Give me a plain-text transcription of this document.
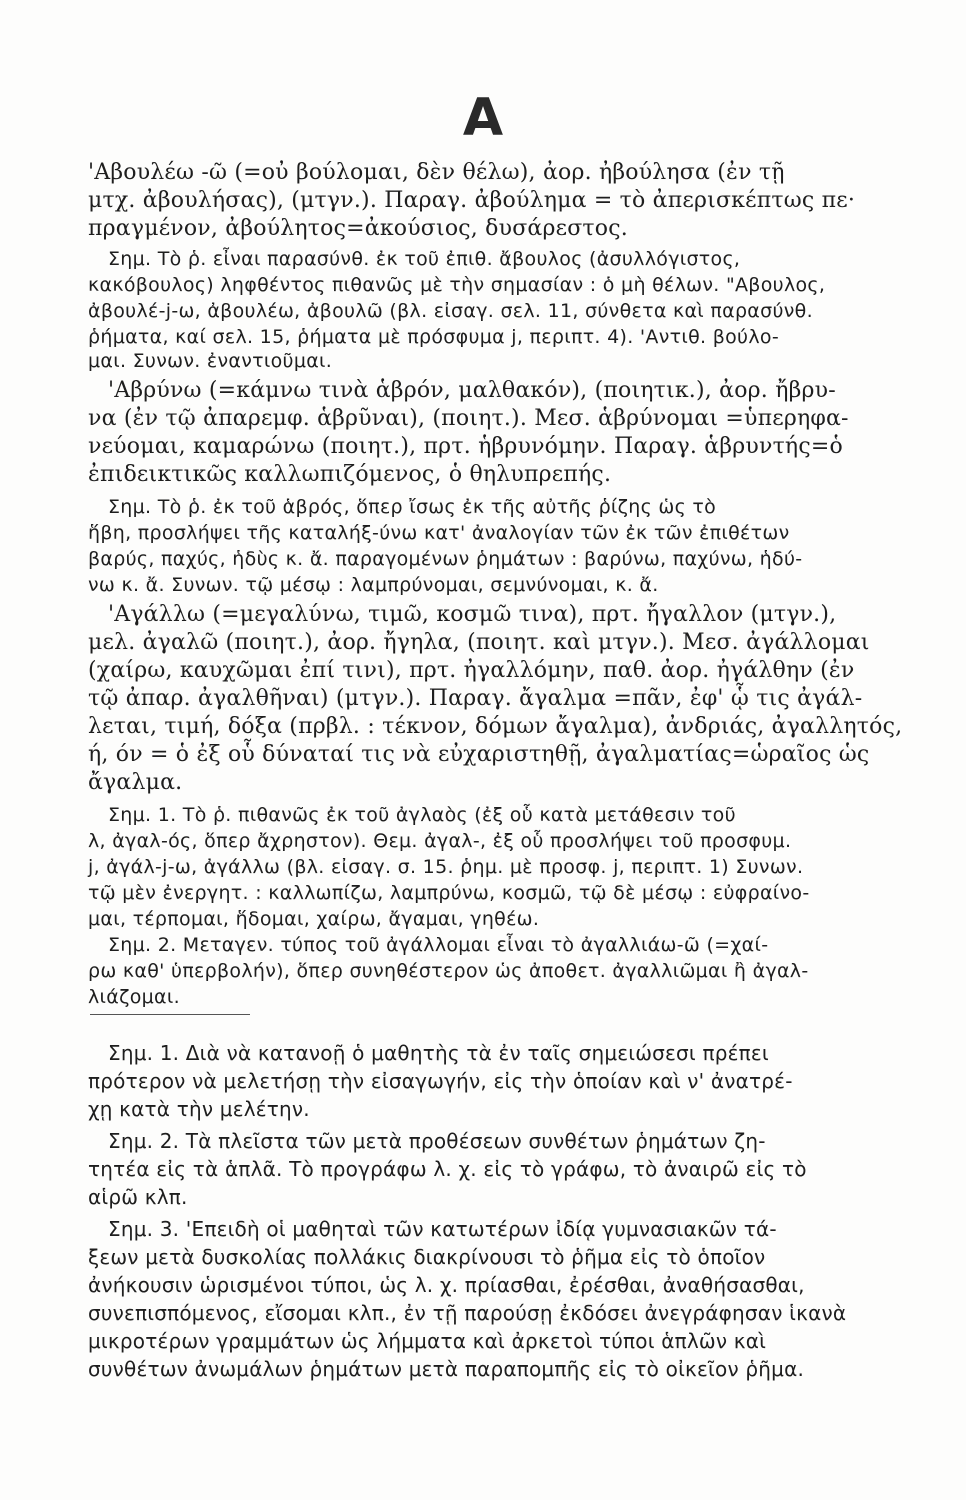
A
'Αβουλέω -ῶ (=οὐ βούλομαι, δὲν θέλω), ἀορ. ἠβούλησα (ἐν τῇ
μτχ. ἀβουλήσας), (μτγν.). Παραγ. ἀβούλημα = τὸ ἀπερισκέπτως πε·
πραγμένον, ἀβούλητος=ἀκούσιος, δυσάρεστος.
Σημ. Τὸ ῥ. εἶναι παρασύνθ. ἐκ τοῦ ἐπιθ. ἄβουλος (ἀσυλλόγιστος,
κακόβουλος) ληφθέντος πιθανῶς μὲ τὴν σημασίαν : ὁ μὴ θέλων. "Αβουλος,
ἀβουλέ-j-ω, ἀβουλέω, ἀβουλῶ (βλ. εἰσαγ. σελ. 11, σύνθετα καὶ παρασύνθ.
ῥήματα, καί σελ. 15, ῥήματα μὲ πρόσφυμα j, περιπτ. 4). 'Αντιθ. βούλο-
μαι. Συνων. ἐναντιοῦμαι.
'Αβρύνω (=κάμνω τινὰ ἁβρόν, μαλθακόν), (ποιητικ.), ἀορ. ἤβρυ-
να (ἐν τῷ ἀπαρεμφ. ἁβρῦναι), (ποιητ.). Μεσ. ἁβρύνομαι =ὑπερηφα-
νεύομαι, καμαρώνω (ποιητ.), πρτ. ἡβρυνόμην. Παραγ. ἁβρυντής=ὁ
ἐπιδεικτικῶς καλλωπιζόμενος, ὁ θηλυπρεπής.
Σημ. Τὸ ῥ. ἐκ τοῦ ἁβρός, ὅπερ ἴσως ἐκ τῆς αὐτῆς ῥίζης ὡς τὸ
ἥβη, προσλήψει τῆς καταλήξ-ύνω κατ' ἀναλογίαν τῶν ἐκ τῶν ἐπιθέτων
βαρύς, παχύς, ἡδὺς κ. ἄ. παραγομένων ῥημάτων : βαρύνω, παχύνω, ἡδύ-
νω κ. ἄ. Συνων. τῷ μέσῳ : λαμπρύνομαι, σεμνύνομαι, κ. ἄ.
'Αγάλλω (=μεγαλύνω, τιμῶ, κοσμῶ τινα), πρτ. ἤγαλλον (μτγν.),
μελ. ἀγαλῶ (ποιητ.), ἀορ. ἤγηλα, (ποιητ. καὶ μτγν.). Μεσ. ἀγάλλομαι
(χαίρω, καυχῶμαι ἐπί τινι), πρτ. ἠγαλλόμην, παθ. ἀορ. ἠγάλθην (ἐν
τῷ ἀπαρ. ἀγαλθῆναι) (μτγν.). Παραγ. ἄγαλμα =πᾶν, ἐφ' ᾧ τις ἀγάλ-
λεται, τιμή, δόξα (πρβλ. : τέκνον, δόμων ἄγαλμα), ἀνδριάς, ἀγαλλητός,
ή, όν = ὁ ἐξ οὗ δύναταί τις νὰ εὐχαριστηθῇ, ἀγαλματίας=ὡραῖος ὡς
ἄγαλμα.
Σημ. 1. Τὸ ῥ. πιθανῶς ἐκ τοῦ ἀγλαὸς (ἐξ οὗ κατὰ μετάθεσιν τοῦ
λ, ἀγαλ-ός, ὅπερ ἄχρηστον). Θεμ. ἀγαλ-, ἐξ οὗ προσλήψει τοῦ προσφυμ.
j, ἀγάλ-j-ω, ἀγάλλω (βλ. εἰσαγ. σ. 15. ῥημ. μὲ προσφ. j, περιπτ. 1) Συνων.
τῷ μὲν ἐνεργητ. : καλλωπίζω, λαμπρύνω, κοσμῶ, τῷ δὲ μέσῳ : εὐφραίνο-
μαι, τέρπομαι, ἥδομαι, χαίρω, ἄγαμαι, γηθέω.
Σημ. 2. Μεταγεν. τύπος τοῦ ἀγάλλομαι εἶναι τὸ ἀγαλλιάω-ῶ (=χαί-
ρω καθ' ὑπερβολήν), ὅπερ συνηθέστερον ὡς ἀποθετ. ἀγαλλιῶμαι ἢ ἀγαλ-
λιάζομαι.
Σημ. 1. Διὰ νὰ κατανοῇ ὁ μαθητὴς τὰ ἐν ταῖς σημειώσεσι πρέπει
πρότερον νὰ μελετήσῃ τὴν εἰσαγωγήν, εἰς τὴν ὁποίαν καὶ ν' ἀνατρέ-
χῃ κατὰ τὴν μελέτην.
Σημ. 2. Τὰ πλεῖστα τῶν μετὰ προθέσεων συνθέτων ῥημάτων ζη-
τητέα εἰς τὰ ἁπλᾶ. Τὸ προγράφω λ. χ. εἰς τὸ γράφω, τὸ ἀναιρῶ εἰς τὸ
αἱρῶ κλπ.
Σημ. 3. 'Επειδὴ οἱ μαθηταὶ τῶν κατωτέρων ἰδίᾳ γυμνασιακῶν τά-
ξεων μετὰ δυσκολίας πολλάκις διακρίνουσι τὸ ῥῆμα εἰς τὸ ὁποῖον
ἀνήκουσιν ὡρισμένοι τύποι, ὡς λ. χ. πρίασθαι, ἐρέσθαι, ἀναθήσασθαι,
συνεπισπόμενος, εἴσομαι κλπ., ἐν τῇ παρούσῃ ἐκδόσει ἀνεγράφησαν ἱκανὰ
μικροτέρων γραμμάτων ὡς λήμματα καὶ ἀρκετοὶ τύποι ἁπλῶν καὶ
συνθέτων ἀνωμάλων ῥημάτων μετὰ παραπομπῆς εἰς τὸ οἰκεῖον ῥῆμα.
